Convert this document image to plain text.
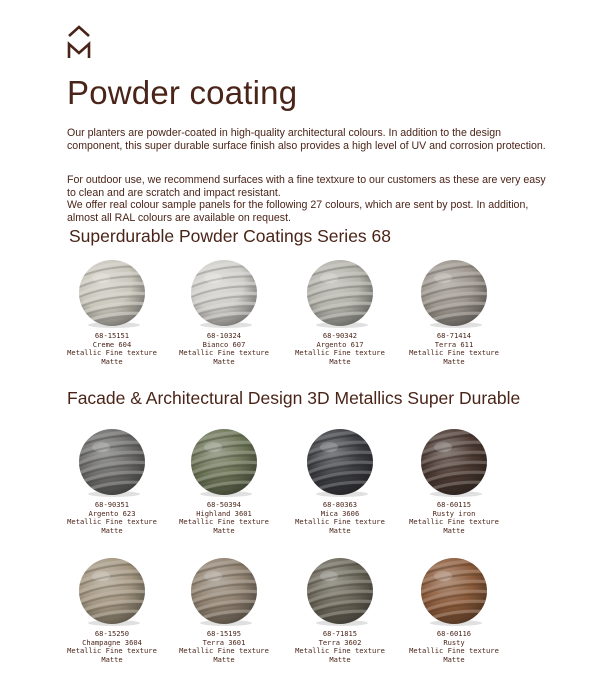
Powder coating

Our planters are powder-coated in high-quality architectural colours. In addition to the design component, this super durable surface finish also provides a high level of UV and corrosion protection.

For outdoor use, we recommend surfaces with a fine textxure to our customers as these are very easy to clean and are scratch and impact resistant.
We offer real colour sample panels for the following 27 colours, which are sent by post. In addition, almost all RAL colours are available on request.

Superdurable Powder Coatings Series 68
Facade & Architectural Design 3D Metallics Super Durable
68-15151
Creme 604
Metallic Fine texture
Matte
68-10324
Bianco 607
Metallic Fine texture
Matte
68-90342
Argento 617
Metallic Fine texture
Matte
68-71414
Terra 611
Metallic Fine texture
Matte
68-90351
Argento 623
Metallic Fine texture
Matte
68-50394
Highland 3601
Metallic Fine texture
Matte
68-80363
Mica 3606
Metallic Fine texture
Matte
68-60115
Rusty iron
Metallic Fine texture
Matte
68-15250
Champagne 3604
Metallic Fine texture
Matte
68-15195
Terra 3601
Metallic Fine texture
Matte
68-71815
Terra 3602
Metallic Fine texture
Matte
68-60116
Rusty
Metallic Fine texture
Matte
